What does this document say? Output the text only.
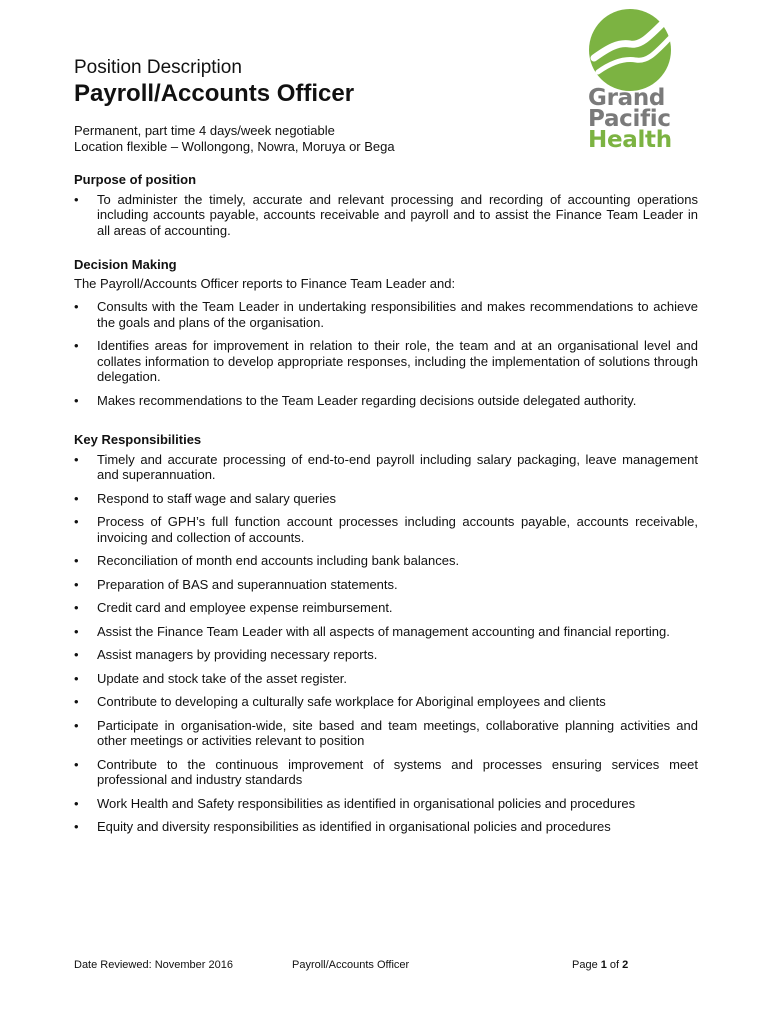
Grand
Pacific
Health
Position Description
Payroll/Accounts Officer
Permanent, part time 4 days/week negotiable
Location flexible – Wollongong, Nowra, Moruya or Bega

Purpose of position

• To administer the timely, accurate and relevant processing and recording of accounting operations including accounts payable, accounts receivable and payroll and to assist the Finance Team Leader in all areas of accounting.

Decision Making

The Payroll/Accounts Officer reports to Finance Team Leader and:

• Consults with the Team Leader in undertaking responsibilities and makes recommendations to achieve the goals and plans of the organisation.
• Identifies areas for improvement in relation to their role, the team and at an organisational level and collates information to develop appropriate responses, including the implementation of solutions through delegation.
• Makes recommendations to the Team Leader regarding decisions outside delegated authority.

Key Responsibilities

• Timely and accurate processing of end-to-end payroll including salary packaging, leave management and superannuation.
• Respond to staff wage and salary queries
• Process of GPH’s full function account processes including accounts payable, accounts receivable, invoicing and collection of accounts.
• Reconciliation of month end accounts including bank balances.
• Preparation of BAS and superannuation statements.
• Credit card and employee expense reimbursement.
• Assist the Finance Team Leader with all aspects of management accounting and financial reporting.
• Assist managers by providing necessary reports.
• Update and stock take of the asset register.
• Contribute to developing a culturally safe workplace for Aboriginal employees and clients
• Participate in organisation-wide, site based and team meetings, collaborative planning activities and other meetings or activities relevant to position
• Contribute to the continuous improvement of systems and processes ensuring services meet professional and industry standards
• Work Health and Safety responsibilities as identified in organisational policies and procedures
• Equity and diversity responsibilities as identified in organisational policies and procedures
Date Reviewed: November 2016	Payroll/Accounts Officer	Page 1 of 2
